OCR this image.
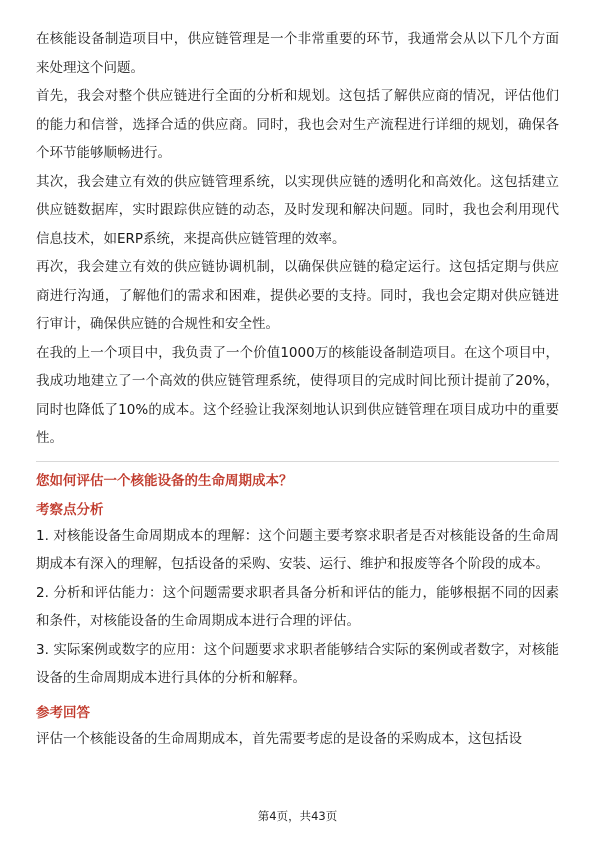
在核能设备制造项目中，供应链管理是一个非常重要的环节，我通常会从以下几个方面来处理这个问题。

首先，我会对整个供应链进行全面的分析和规划。这包括了解供应商的情况，评估他们的能力和信誉，选择合适的供应商。同时，我也会对生产流程进行详细的规划，确保各个环节能够顺畅进行。

其次，我会建立有效的供应链管理系统，以实现供应链的透明化和高效化。这包括建立供应链数据库，实时跟踪供应链的动态，及时发现和解决问题。同时，我也会利用现代信息技术，如ERP系统，来提高供应链管理的效率。

再次，我会建立有效的供应链协调机制，以确保供应链的稳定运行。这包括定期与供应商进行沟通，了解他们的需求和困难，提供必要的支持。同时，我也会定期对供应链进行审计，确保供应链的合规性和安全性。

在我的上一个项目中，我负责了一个价值1000万的核能设备制造项目。在这个项目中，我成功地建立了一个高效的供应链管理系统，使得项目的完成时间比预计提前了20%，同时也降低了10%的成本。这个经验让我深刻地认识到供应链管理在项目成功中的重要性。

您如何评估一个核能设备的生命周期成本？

考察点分析

1. 对核能设备生命周期成本的理解：这个问题主要考察求职者是否对核能设备的生命周期成本有深入的理解，包括设备的采购、安装、运行、维护和报废等各个阶段的成本。

2. 分析和评估能力：这个问题需要求职者具备分析和评估的能力，能够根据不同的因素和条件，对核能设备的生命周期成本进行合理的评估。

3. 实际案例或数字的应用：这个问题要求求职者能够结合实际的案例或者数字，对核能设备的生命周期成本进行具体的分析和解释。

参考回答

评估一个核能设备的生命周期成本，首先需要考虑的是设备的采购成本，这包括设

第4页，共43页
